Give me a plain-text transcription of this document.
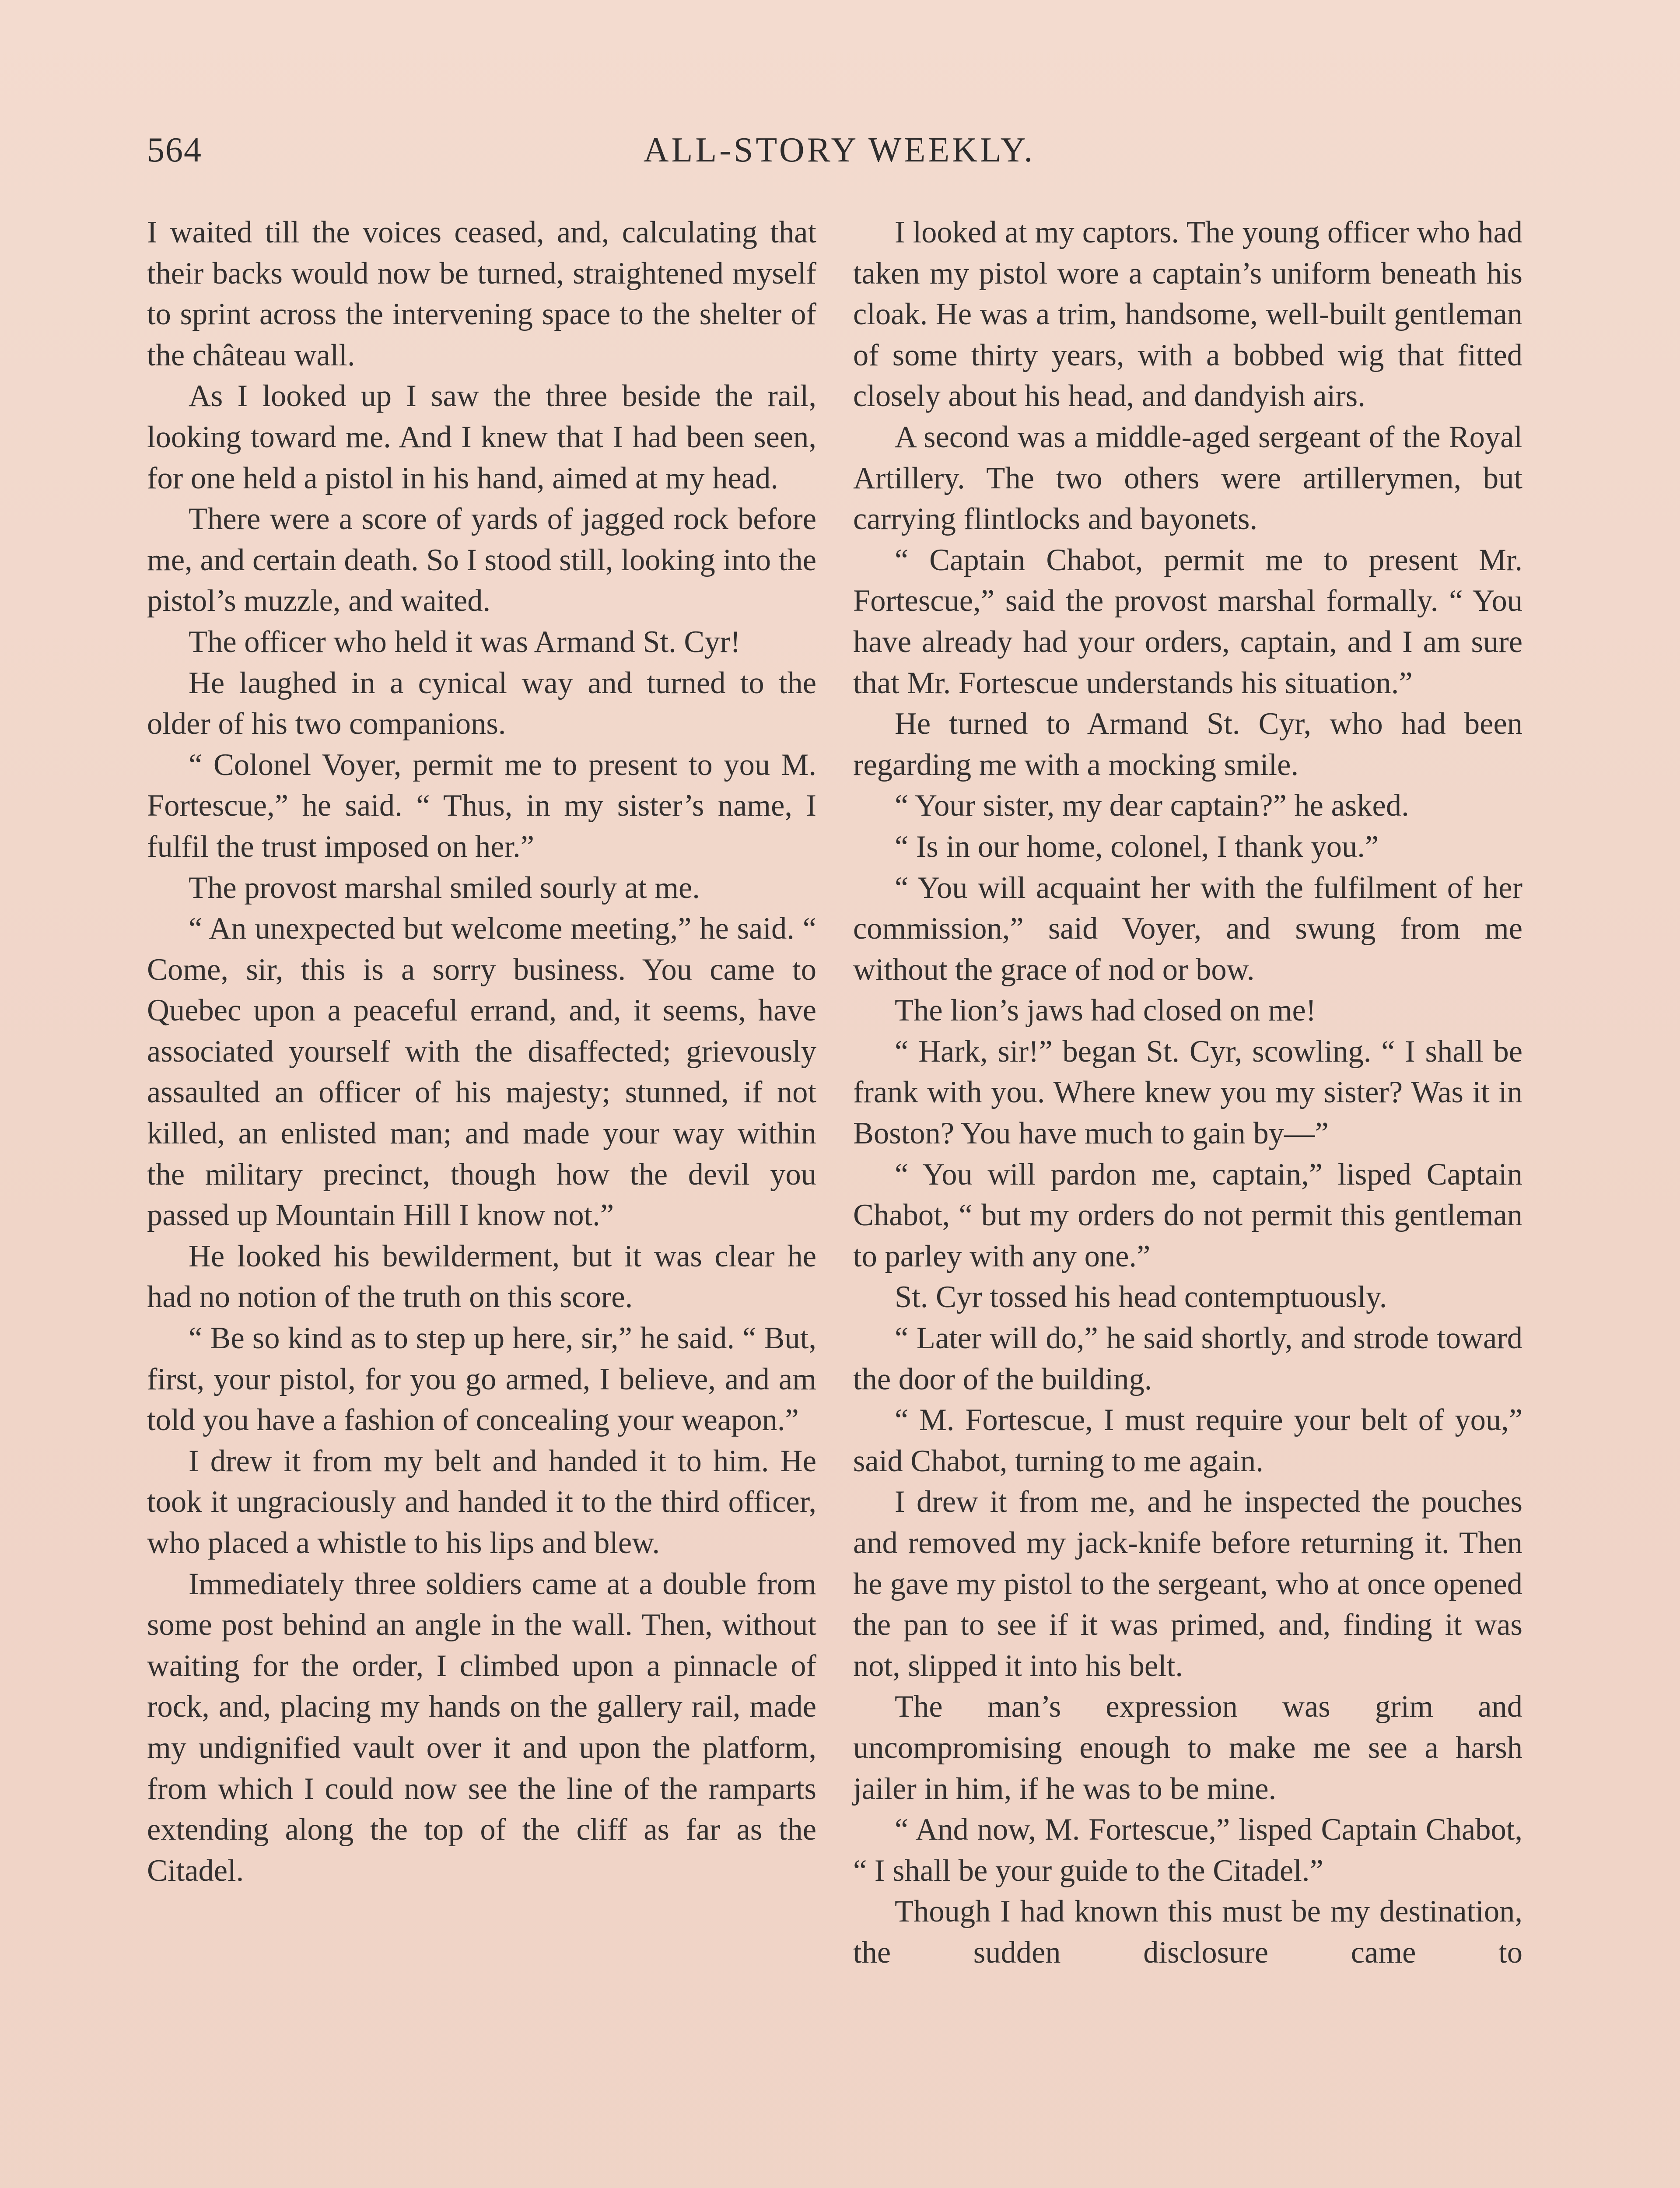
564	ALL-STORY WEEKLY.

I waited till the voices ceased, and, calculating that their backs would now be turned, straightened myself to sprint across the intervening space to the shelter of the château wall.

As I looked up I saw the three beside the rail, looking toward me. And I knew that I had been seen, for one held a pistol in his hand, aimed at my head.

There were a score of yards of jagged rock before me, and certain death. So I stood still, looking into the pistol’s muzzle, and waited.

The officer who held it was Armand St. Cyr!

He laughed in a cynical way and turned to the older of his two companions.

“ Colonel Voyer, permit me to present to you M. Fortescue,” he said. “ Thus, in my sister’s name, I fulfil the trust imposed on her.”

The provost marshal smiled sourly at me.

“ An unexpected but welcome meeting,” he said. “ Come, sir, this is a sorry business. You came to Quebec upon a peaceful errand, and, it seems, have associated yourself with the disaffected; grievously assaulted an officer of his majesty; stunned, if not killed, an enlisted man; and made your way within the military precinct, though how the devil you passed up Mountain Hill I know not.”

He looked his bewilderment, but it was clear he had no notion of the truth on this score.

“ Be so kind as to step up here, sir,” he said. “ But, first, your pistol, for you go armed, I believe, and am told you have a fashion of concealing your weapon.”

I drew it from my belt and handed it to him. He took it ungraciously and handed it to the third officer, who placed a whistle to his lips and blew.

Immediately three soldiers came at a double from some post behind an angle in the wall. Then, without waiting for the order, I climbed upon a pinnacle of rock, and, placing my hands on the gallery rail, made my undignified vault over it and upon the platform, from which I could now see the line of the ramparts extending along the top of the cliff as far as the Citadel.

I looked at my captors. The young officer who had taken my pistol wore a captain’s uniform beneath his cloak. He was a trim, handsome, well-built gentleman of some thirty years, with a bobbed wig that fitted closely about his head, and dandyish airs.

A second was a middle-aged sergeant of the Royal Artillery. The two others were artillerymen, but carrying flintlocks and bayonets.

“ Captain Chabot, permit me to present Mr. Fortescue,” said the provost marshal formally. “ You have already had your orders, captain, and I am sure that Mr. Fortescue understands his situation.”

He turned to Armand St. Cyr, who had been regarding me with a mocking smile.

“ Your sister, my dear captain?” he asked.

“ Is in our home, colonel, I thank you.”

“ You will acquaint her with the fulfilment of her commission,” said Voyer, and swung from me without the grace of nod or bow.

The lion’s jaws had closed on me!

“ Hark, sir!” began St. Cyr, scowling. “ I shall be frank with you. Where knew you my sister? Was it in Boston? You have much to gain by—”

“ You will pardon me, captain,” lisped Captain Chabot, “ but my orders do not permit this gentleman to parley with any one.”

St. Cyr tossed his head contemptuously.

“ Later will do,” he said shortly, and strode toward the door of the building.

“ M. Fortescue, I must require your belt of you,” said Chabot, turning to me again.

I drew it from me, and he inspected the pouches and removed my jack-knife before returning it. Then he gave my pistol to the sergeant, who at once opened the pan to see if it was primed, and, finding it was not, slipped it into his belt.

The man’s expression was grim and uncompromising enough to make me see a harsh jailer in him, if he was to be mine.

“ And now, M. Fortescue,” lisped Captain Chabot, “ I shall be your guide to the Citadel.”

Though I had known this must be my destination, the sudden disclosure came to
